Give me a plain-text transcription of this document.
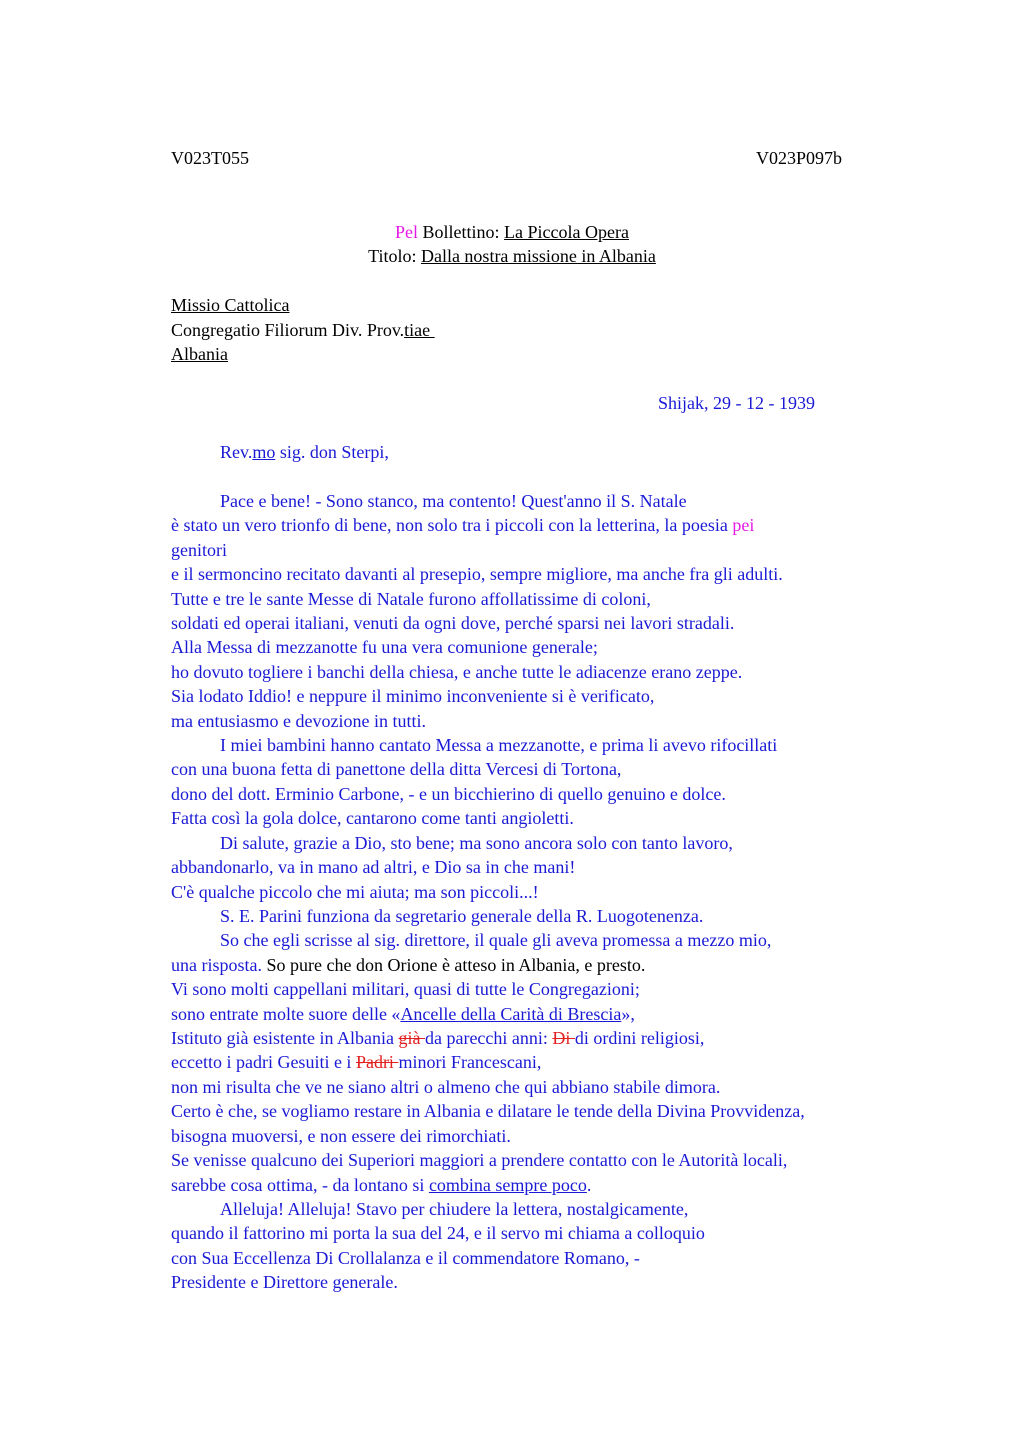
V023T055	V023P097b
Pel Bollettino: La Piccola Opera
Titolo: Dalla nostra missione in Albania
Missio Cattolica
Congregatio Filiorum Div. Prov.tiae
Albania
Shijak, 29 - 12 - 1939
Rev.mo sig. don Sterpi,
Pace e bene! - Sono stanco, ma contento! Quest'anno il S. Natale
è stato un vero trionfo di bene, non solo tra i piccoli con la letterina, la poesia pei
genitori
e il sermoncino recitato davanti al presepio, sempre migliore, ma anche fra gli adulti.
Tutte e tre le sante Messe di Natale furono affollatissime di coloni,
soldati ed operai italiani, venuti da ogni dove, perché sparsi nei lavori stradali.
Alla Messa di mezzanotte fu una vera comunione generale;
ho dovuto togliere i banchi della chiesa, e anche tutte le adiacenze erano zeppe.
Sia lodato Iddio! e neppure il minimo inconveniente si è verificato,
ma entusiasmo e devozione in tutti.
I miei bambini hanno cantato Messa a mezzanotte, e prima li avevo rifocillati
con una buona fetta di panettone della ditta Vercesi di Tortona,
dono del dott. Erminio Carbone, - e un bicchierino di quello genuino e dolce.
Fatta così la gola dolce, cantarono come tanti angioletti.
Di salute, grazie a Dio, sto bene; ma sono ancora solo con tanto lavoro,
abbandonarlo, va in mano ad altri, e Dio sa in che mani!
C'è qualche piccolo che mi aiuta; ma son piccoli...!
S. E. Parini funziona da segretario generale della R. Luogotenenza.
So che egli scrisse al sig. direttore, il quale gli aveva promessa a mezzo mio,
una risposta. So pure che don Orione è atteso in Albania, e presto.
Vi sono molti cappellani militari, quasi di tutte le Congregazioni;
sono entrate molte suore delle «Ancelle della Carità di Brescia»,
Istituto già esistente in Albania già da parecchi anni: Di di ordini religiosi,
eccetto i padri Gesuiti e i Padri minori Francescani,
non mi risulta che ve ne siano altri o almeno che qui abbiano stabile dimora.
Certo è che, se vogliamo restare in Albania e dilatare le tende della Divina Provvidenza,
bisogna muoversi, e non essere dei rimorchiati.
Se venisse qualcuno dei Superiori maggiori a prendere contatto con le Autorità locali,
sarebbe cosa ottima, - da lontano si combina sempre poco.
Alleluja! Alleluja! Stavo per chiudere la lettera, nostalgicamente,
quando il fattorino mi porta la sua del 24, e il servo mi chiama a colloquio
con Sua Eccellenza Di Crollalanza e il commendatore Romano, -
Presidente e Direttore generale.
